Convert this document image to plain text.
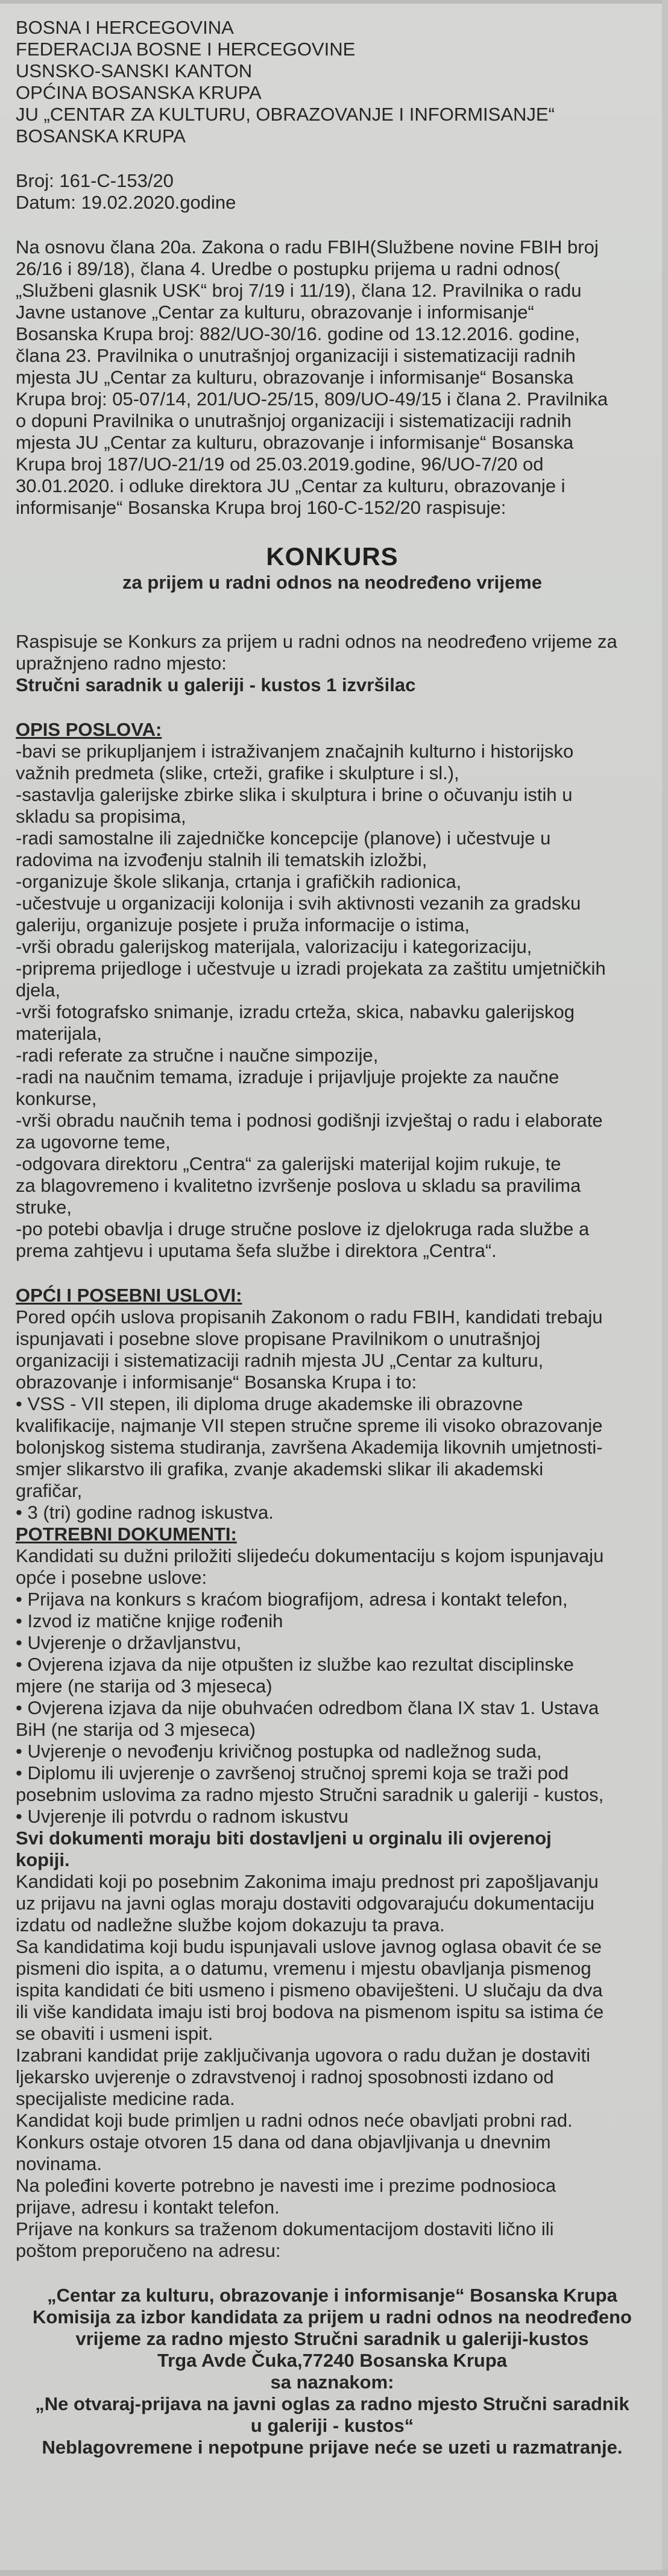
BOSNA I HERCEGOVINA

FEDERACIJA BOSNE I HERCEGOVINE

USNSKO-SANSKI KANTON

OPĆINA BOSANSKA KRUPA

JU „CENTAR ZA KULTURU, OBRAZOVANJE I INFORMISANJE“

BOSANSKA KRUPA

Broj: 161-C-153/20

Datum: 19.02.2020.godine

Na osnovu člana 20a. Zakona o radu FBIH(Službene novine FBIH broj

26/16 i 89/18), člana 4. Uredbe o postupku prijema u radni odnos(

„Službeni glasnik USK“ broj 7/19 i 11/19), člana 12. Pravilnika o radu

Javne ustanove „Centar za kulturu, obrazovanje i informisanje“

Bosanska Krupa broj: 882/UO-30/16. godine od 13.12.2016. godine,

člana 23. Pravilnika o unutrašnjoj organizaciji i sistematizaciji radnih

mjesta JU „Centar za kulturu, obrazovanje i informisanje“ Bosanska

Krupa broj: 05-07/14, 201/UO-25/15, 809/UO-49/15 i člana 2. Pravilnika

o dopuni Pravilnika o unutrašnjoj organizaciji i sistematizaciji radnih

mjesta JU „Centar za kulturu, obrazovanje i informisanje“ Bosanska

Krupa broj 187/UO-21/19 od 25.03.2019.godine, 96/UO-7/20 od

30.01.2020. i odluke direktora JU „Centar za kulturu, obrazovanje i

informisanje“ Bosanska Krupa broj 160-C-152/20 raspisuje:

KONKURS

za prijem u radni odnos na neodređeno vrijeme

Raspisuje se Konkurs za prijem u radni odnos na neodređeno vrijeme za

upražnjeno radno mjesto:

Stručni saradnik u galeriji - kustos 1 izvršilac

OPIS POSLOVA:

-bavi se prikupljanjem i istraživanjem značajnih kulturno i historijsko

važnih predmeta (slike, crteži, grafike i skulpture i sl.),

-sastavlja galerijske zbirke slika i skulptura i brine o očuvanju istih u

skladu sa propisima,

-radi samostalne ili zajedničke koncepcije (planove) i učestvuje u

radovima na izvođenju stalnih ili tematskih izložbi,

-organizuje škole slikanja, crtanja i grafičkih radionica,

-učestvuje u organizaciji kolonija i svih aktivnosti vezanih za gradsku

galeriju, organizuje posjete i pruža informacije o istima,

-vrši obradu galerijskog materijala, valorizaciju i kategorizaciju,

-priprema prijedloge i učestvuje u izradi projekata za zaštitu umjetničkih

djela,

-vrši fotografsko snimanje, izradu crteža, skica, nabavku galerijskog

materijala,

-radi referate za stručne i naučne simpozije,

-radi na naučnim temama, izraduje i prijavljuje projekte za naučne

konkurse,

-vrši obradu naučnih tema i podnosi godišnji izvještaj o radu i elaborate

za ugovorne teme,

-odgovara direktoru „Centra“ za galerijski materijal kojim rukuje, te

za blagovremeno i kvalitetno izvršenje poslova u skladu sa pravilima

struke,

-po potebi obavlja i druge stručne poslove iz djelokruga rada službe a

prema zahtjevu i uputama šefa službe i direktora „Centra“.

OPĆI I POSEBNI USLOVI:

Pored općih uslova propisanih Zakonom o radu FBIH, kandidati trebaju

ispunjavati i posebne slove propisane Pravilnikom o unutrašnjoj

organizaciji i sistematizaciji radnih mjesta JU „Centar za kulturu,

obrazovanje i informisanje“ Bosanska Krupa i to:

• VSS - VII stepen, ili diploma druge akademske ili obrazovne

kvalifikacije, najmanje VII stepen stručne spreme ili visoko obrazovanje

bolonjskog sistema studiranja, završena Akademija likovnih umjetnosti-

smjer slikarstvo ili grafika, zvanje akademski slikar ili akademski

grafičar,

• 3 (tri) godine radnog iskustva.

POTREBNI DOKUMENTI:

Kandidati su dužni priložiti slijedeću dokumentaciju s kojom ispunjavaju

opće i posebne uslove:

• Prijava na konkurs s kraćom biografijom, adresa i kontakt telefon,

• Izvod iz matične knjige rođenih

• Uvjerenje o državljanstvu,

• Ovjerena izjava da nije otpušten iz službe kao rezultat disciplinske

mjere (ne starija od 3 mjeseca)

• Ovjerena izjava da nije obuhvaćen odredbom člana IX stav 1. Ustava

BiH (ne starija od 3 mjeseca)

• Uvjerenje o nevođenju krivičnog postupka od nadležnog suda,

• Diplomu ili uvjerenje o završenoj stručnoj spremi koja se traži pod

posebnim uslovima za radno mjesto Stručni saradnik u galeriji - kustos,

• Uvjerenje ili potvrdu o radnom iskustvu

Svi dokumenti moraju biti dostavljeni u orginalu ili ovjerenoj

kopiji.

Kandidati koji po posebnim Zakonima imaju prednost pri zapošljavanju

uz prijavu na javni oglas moraju dostaviti odgovarajuću dokumentaciju

izdatu od nadležne službe kojom dokazuju ta prava.

Sa kandidatima koji budu ispunjavali uslove javnog oglasa obavit će se

pismeni dio ispita, a o datumu, vremenu i mjestu obavljanja pismenog

ispita kandidati će biti usmeno i pismeno obaviješteni. U slučaju da dva

ili više kandidata imaju isti broj bodova na pismenom ispitu sa istima će

se obaviti i usmeni ispit.

Izabrani kandidat prije zaključivanja ugovora o radu dužan je dostaviti

ljekarsko uvjerenje o zdravstvenoj i radnoj sposobnosti izdano od

specijaliste medicine rada.

Kandidat koji bude primljen u radni odnos neće obavljati probni rad.

Konkurs ostaje otvoren 15 dana od dana objavljivanja u dnevnim

novinama.

Na poleđini koverte potrebno je navesti ime i prezime podnosioca

prijave, adresu i kontakt telefon.

Prijave na konkurs sa traženom dokumentacijom dostaviti lično ili

poštom preporučeno na adresu:

„Centar za kulturu, obrazovanje i informisanje“ Bosanska Krupa

Komisija za izbor kandidata za prijem u radni odnos na neodređeno

vrijeme za radno mjesto Stručni saradnik u galeriji-kustos

Trga Avde Čuka,77240 Bosanska Krupa

sa naznakom:

„Ne otvaraj-prijava na javni oglas za radno mjesto Stručni saradnik

u galeriji - kustos“

Neblagovremene i nepotpune prijave neće se uzeti u razmatranje.
